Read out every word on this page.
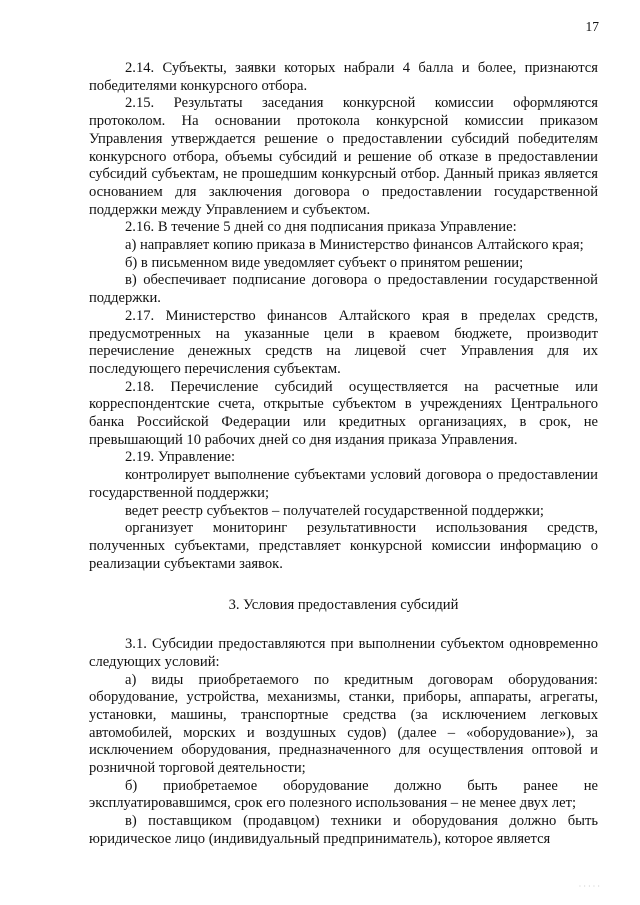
17

2.14. Субъекты, заявки которых набрали 4 балла и более, признаются победителями конкурсного отбора.

2.15. Результаты заседания конкурсной комиссии оформляются протоколом. На основании протокола конкурсной комиссии приказом Управления утверждается решение о предоставлении субсидий победителям конкурсного отбора, объемы субсидий и решение об отказе в предоставлении субсидий субъектам, не прошедшим конкурсный отбор. Данный приказ является основанием для заключения договора о предоставлении государственной поддержки между Управлением и субъектом.

2.16. В течение 5 дней со дня подписания приказа Управление:

а) направляет копию приказа в Министерство финансов Алтайского края;

б) в письменном виде уведомляет субъект о принятом решении;

в) обеспечивает подписание договора о предоставлении государственной поддержки.

2.17. Министерство финансов Алтайского края в пределах средств, предусмотренных на указанные цели в краевом бюджете, производит перечисление денежных средств на лицевой счет Управления для их последующего перечисления субъектам.

2.18. Перечисление субсидий осуществляется на расчетные или корреспондентские счета, открытые субъектом в учреждениях Центрального банка Российской Федерации или кредитных организациях, в срок, не превышающий 10 рабочих дней со дня издания приказа Управления.

2.19. Управление:

контролирует выполнение субъектами условий договора о предоставлении государственной поддержки;

ведет реестр субъектов – получателей государственной поддержки;

организует мониторинг результативности использования средств, полученных субъектами, представляет конкурсной комиссии информацию о реализации субъектами заявок.

3. Условия предоставления субсидий

3.1. Субсидии предоставляются при выполнении субъектом одновременно следующих условий:

а) виды приобретаемого по кредитным договорам оборудования: оборудование, устройства, механизмы, станки, приборы, аппараты, агрегаты, установки, машины, транспортные средства (за исключением легковых автомобилей, морских и воздушных судов) (далее – «оборудование»), за исключением оборудования, предназначенного для осуществления оптовой и розничной торговой деятельности;

б) приобретаемое оборудование должно быть ранее не эксплуатировавшимся, срок его полезного использования – не менее двух лет;

в) поставщиком (продавцом) техники и оборудования должно быть юридическое лицо (индивидуальный предприниматель), которое является

· · · · ·
